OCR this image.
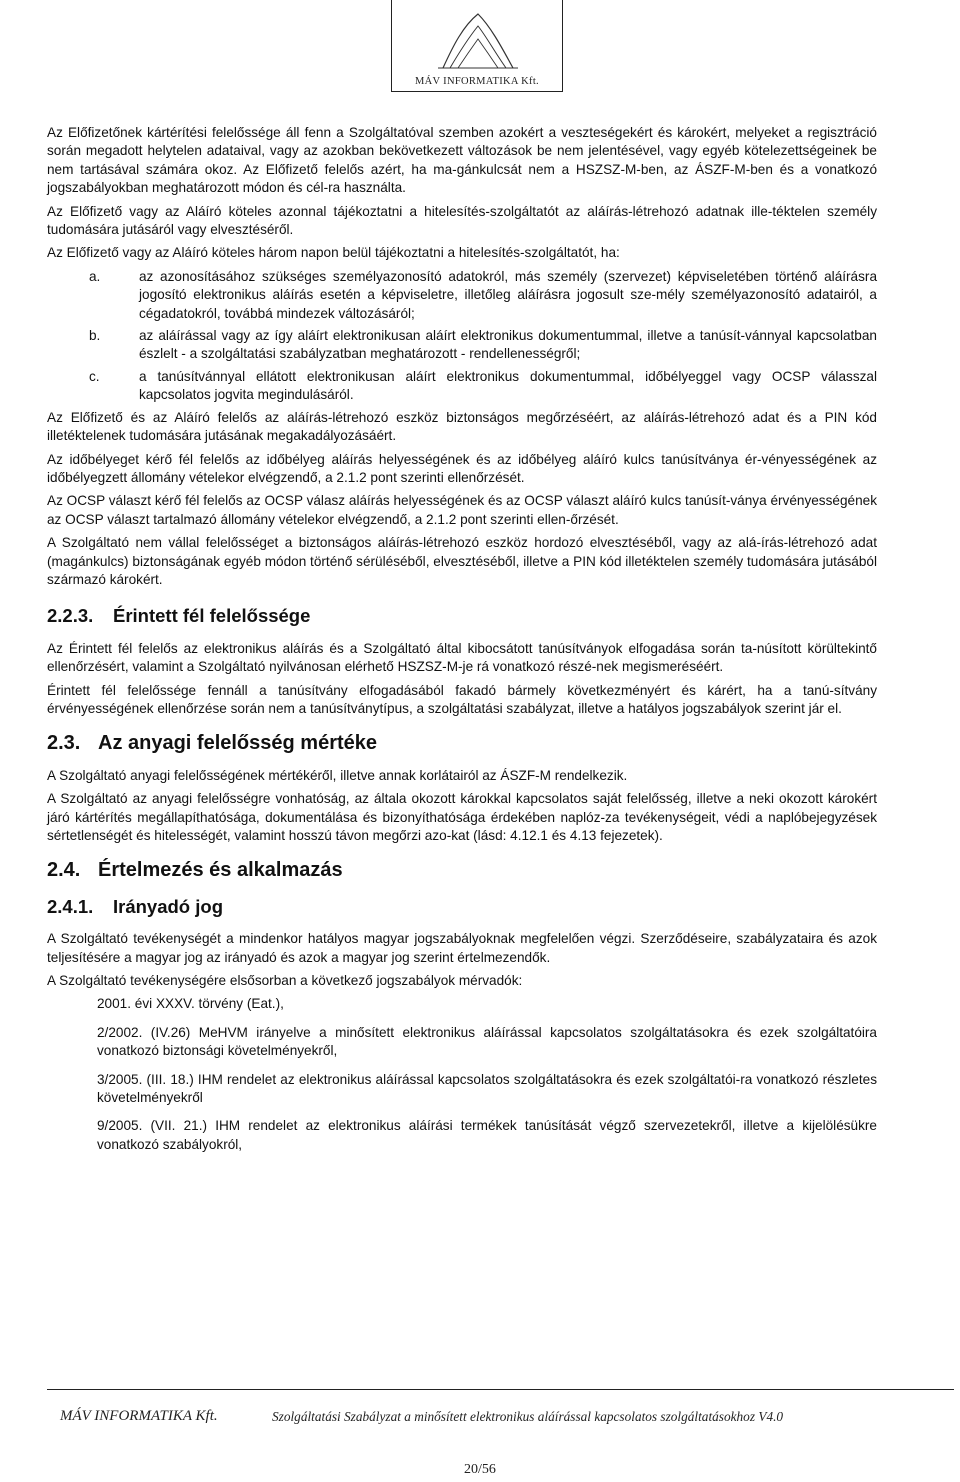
MÁV INFORMATIKA Kft.

Az Előfizetőnek kártérítési felelőssége áll fenn a Szolgáltatóval szemben azokért a veszteségekért és károkért, melyeket a regisztráció során megadott helytelen adataival, vagy az azokban bekövetkezett változások be nem jelentésével, vagy egyéb kötelezettségeinek be nem tartásával számára okoz. Az Előfizető felelős azért, ha ma-gánkulcsát nem a HSZSZ-M-ben, az ÁSZF-M-ben és a vonatkozó jogszabályokban meghatározott módon és cél-ra használta.

Az Előfizető vagy az Aláíró köteles azonnal tájékoztatni a hitelesítés-szolgáltatót az aláírás-létrehozó adatnak ille-téktelen személy tudomására jutásáról vagy elvesztéséről.

Az Előfizető vagy az Aláíró köteles három napon belül tájékoztatni a hitelesítés-szolgáltatót, ha:

a.	az azonosításához szükséges személyazonosító adatokról, más személy (szervezet) képviseletében történő aláírásra jogosító elektronikus aláírás esetén a képviseletre, illetőleg aláírásra jogosult sze-mély személyazonosító adatairól, a cégadatokról, továbbá mindezek változásáról;
b.	az aláírással vagy az így aláírt elektronikusan aláírt elektronikus dokumentummal, illetve a tanúsít-vánnyal kapcsolatban észlelt - a szolgáltatási szabályzatban meghatározott - rendellenességről;
c.	a tanúsítvánnyal ellátott elektronikusan aláírt elektronikus dokumentummal, időbélyeggel vagy OCSP válasszal kapcsolatos jogvita megindulásáról.

Az Előfizető és az Aláíró felelős az aláírás-létrehozó eszköz biztonságos megőrzéséért, az aláírás-létrehozó adat és a PIN kód illetéktelenek tudomására jutásának megakadályozásáért.

Az időbélyeget kérő fél felelős az időbélyeg aláírás helyességének és az időbélyeg aláíró kulcs tanúsítványa ér-vényességének az időbélyegzett állomány vételekor elvégzendő, a 2.1.2 pont szerinti ellenőrzését.

Az OCSP választ kérő fél felelős az OCSP válasz aláírás helyességének és az OCSP választ aláíró kulcs tanúsít-ványa érvényességének az OCSP választ tartalmazó állomány vételekor elvégzendő, a 2.1.2 pont szerinti ellen-őrzését.

A Szolgáltató nem vállal felelősséget a biztonságos aláírás-létrehozó eszköz hordozó elvesztéséből, vagy az alá-írás-létrehozó adat (magánkulcs) biztonságának egyéb módon történő sérüléséből, elvesztéséből, illetve a PIN kód illetéktelen személy tudomására jutásából származó károkért.

2.2.3.	Érintett fél felelőssége

Az Érintett fél felelős az elektronikus aláírás és a Szolgáltató által kibocsátott tanúsítványok elfogadása során ta-núsított körültekintő ellenőrzésért, valamint a Szolgáltató nyilvánosan elérhető HSZSZ-M-je rá vonatkozó részé-nek megismeréséért.

Érintett fél felelőssége fennáll a tanúsítvány elfogadásából fakadó bármely következményért és kárért, ha a tanú-sítvány érvényességének ellenőrzése során nem a tanúsítványtípus, a szolgáltatási szabályzat, illetve a hatályos jogszabályok szerint jár el.

2.3. Az anyagi felelősség mértéke

A Szolgáltató anyagi felelősségének mértékéről, illetve annak korlátairól az ÁSZF-M rendelkezik.

A Szolgáltató az anyagi felelősségre vonhatóság, az általa okozott károkkal kapcsolatos saját felelősség, illetve a neki okozott károkért járó kártérítés megállapíthatósága, dokumentálása és bizonyíthatósága érdekében naplóz-za tevékenységeit, védi a naplóbejegyzések sértetlenségét és hitelességét, valamint hosszú távon megőrzi azo-kat (lásd: 4.12.1 és 4.13 fejezetek).

2.4. Értelmezés és alkalmazás
2.4.1.	Irányadó jog

A Szolgáltató tevékenységét a mindenkor hatályos magyar jogszabályoknak megfelelően végzi. Szerződéseire, szabályzataira és azok teljesítésére a magyar jog az irányadó és azok a magyar jog szerint értelmezendők.

A Szolgáltató tevékenységére elsősorban a következő jogszabályok mérvadók:

2001. évi XXXV. törvény (Eat.),

2/2002. (IV.26) MeHVM irányelve a minősített elektronikus aláírással kapcsolatos szolgáltatásokra és ezek szolgáltatóira vonatkozó biztonsági követelményekről,

3/2005. (III. 18.) IHM rendelet az elektronikus aláírással kapcsolatos szolgáltatásokra és ezek szolgáltatói-ra vonatkozó részletes követelményekről

9/2005. (VII. 21.) IHM rendelet az elektronikus aláírási termékek tanúsítását végző szervezetekről, illetve a kijelölésükre vonatkozó szabályokról,

MÁV INFORMATIKA Kft.	Szolgáltatási Szabályzat a minősített elektronikus aláírással kapcsolatos szolgáltatásokhoz V4.0
20/56
